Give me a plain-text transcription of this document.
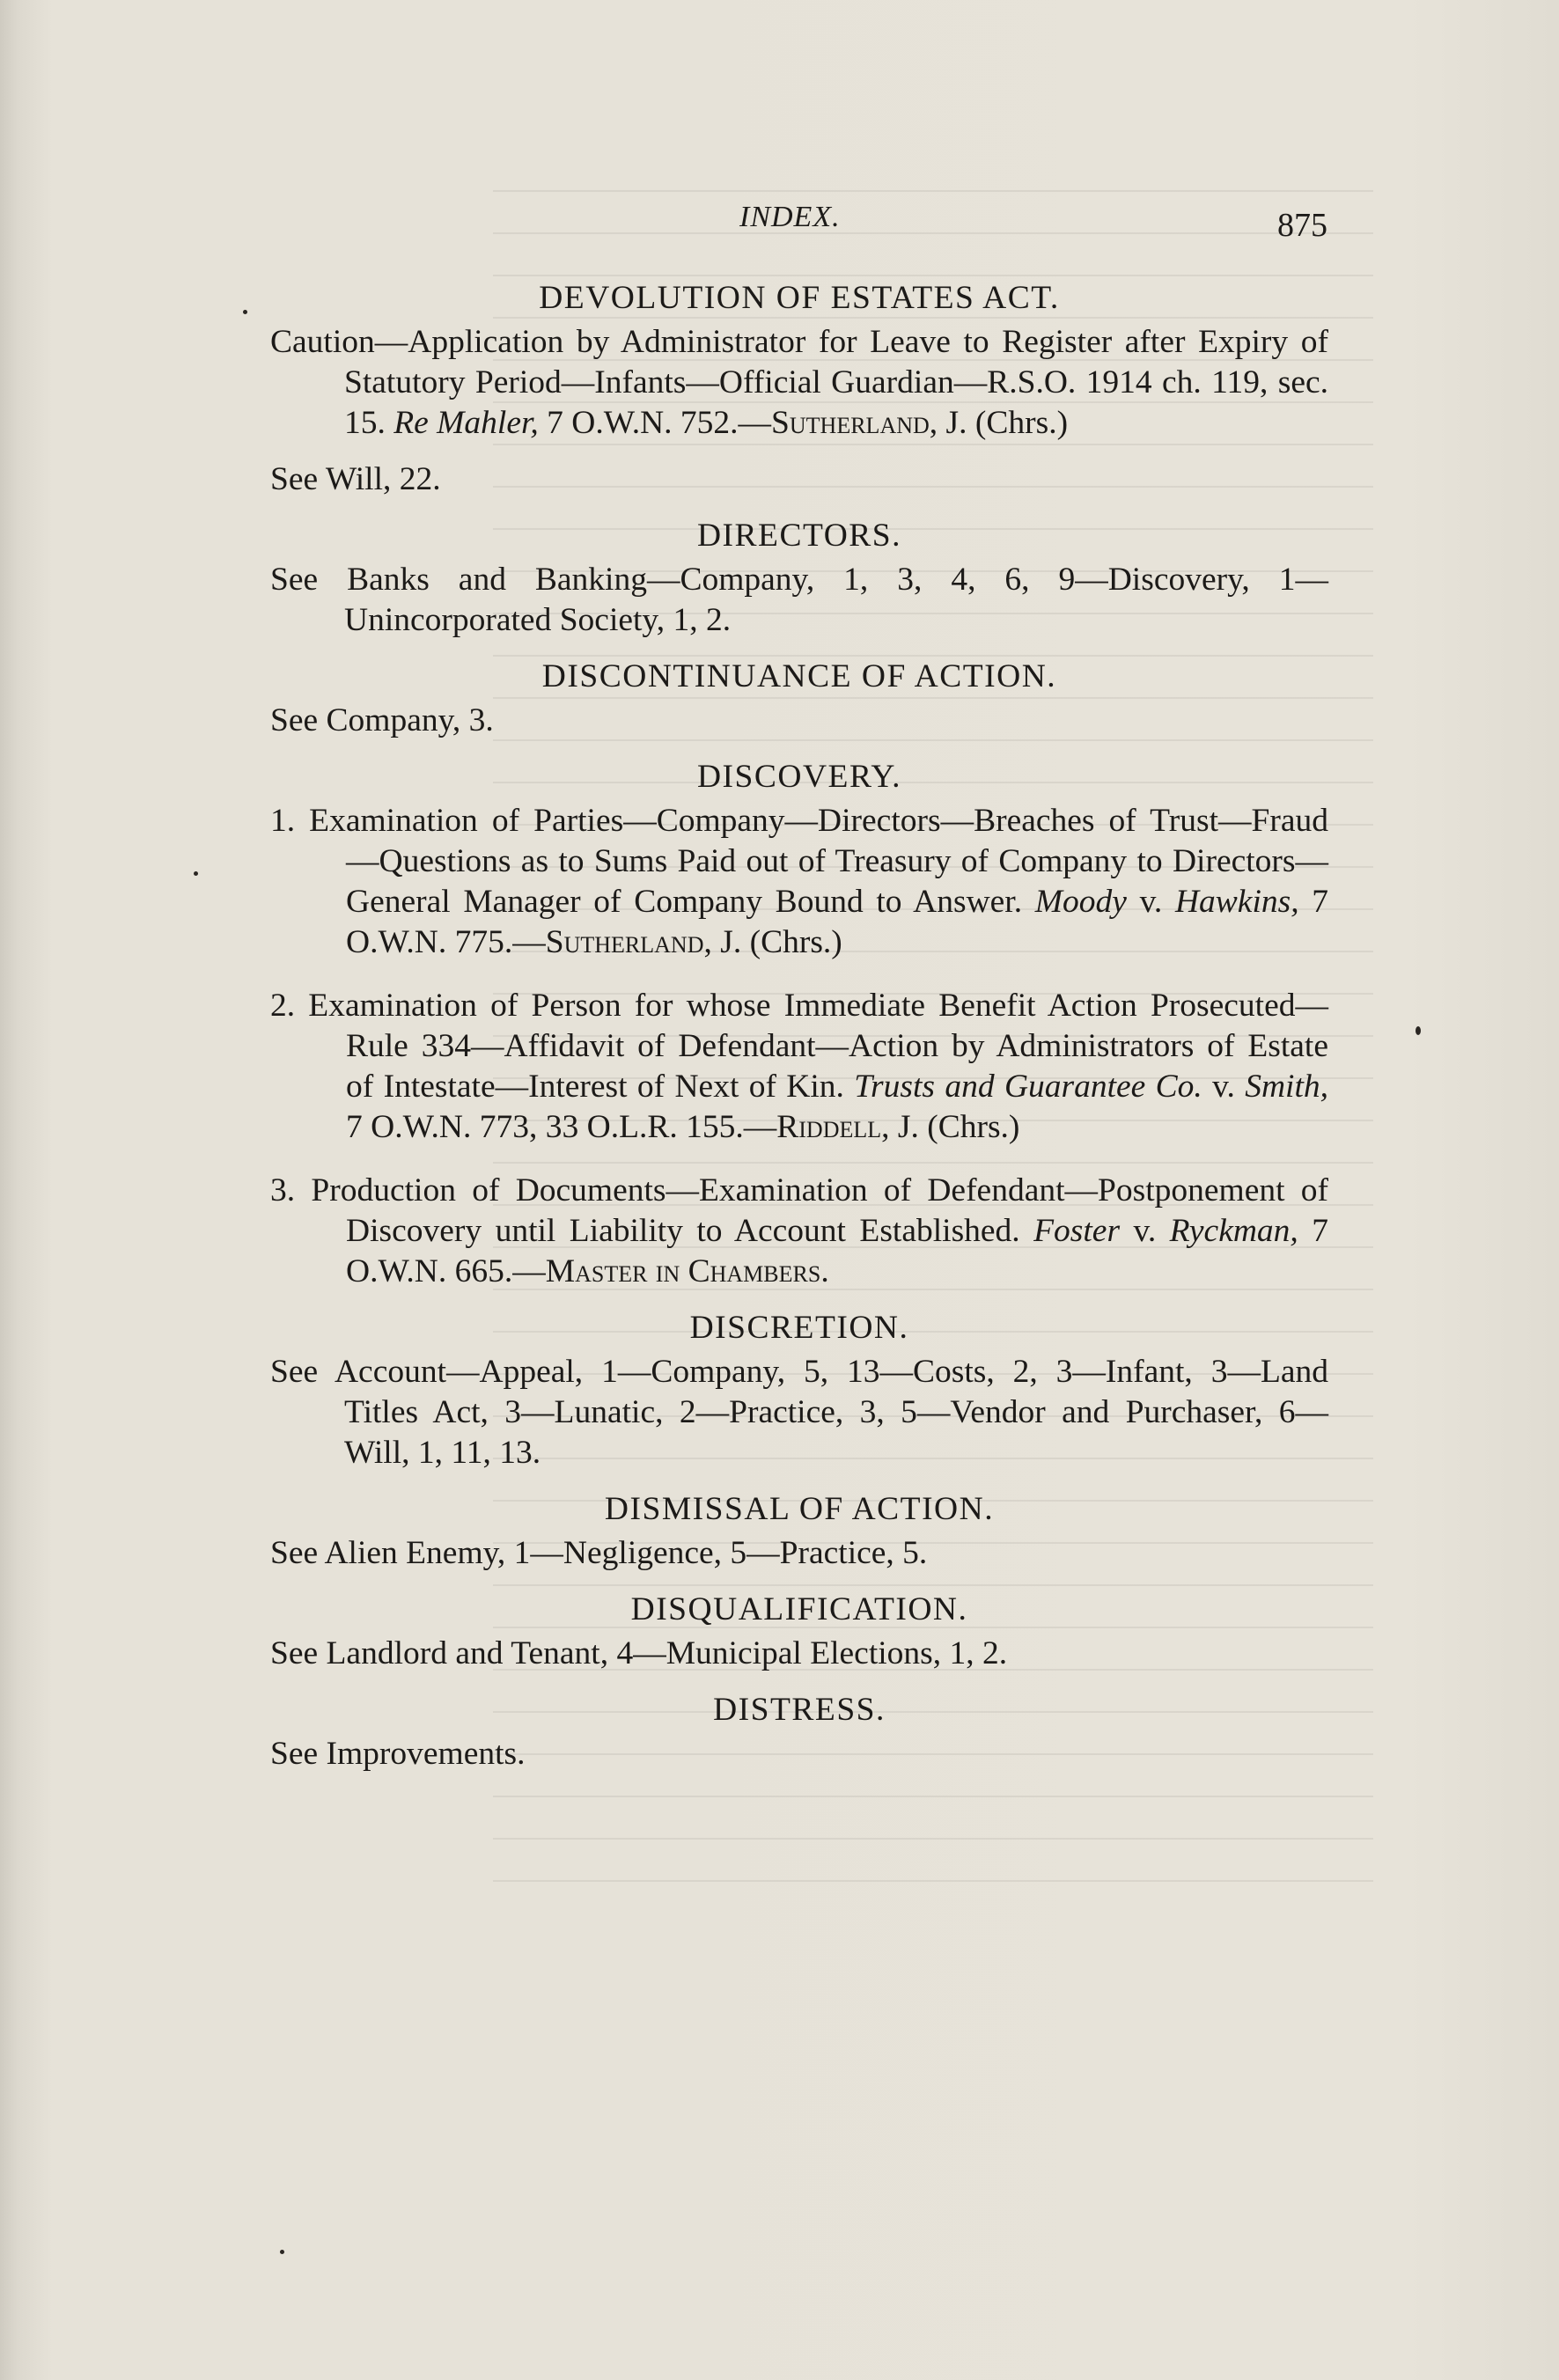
INDEX.	875
DEVOLUTION OF ESTATES ACT.

Caution—Application by Administrator for Leave to Register after Expiry of Statutory Period—Infants—Official Guardian—R.S.O. 1914 ch. 119, sec. 15. Re Mahler, 7 O.W.N. 752.—Sutherland, J. (Chrs.)

See Will, 22.

DIRECTORS.

See Banks and Banking—Company, 1, 3, 4, 6, 9—Discovery, 1—Unincorporated Society, 1, 2.

DISCONTINUANCE OF ACTION.

See Company, 3.

DISCOVERY.

1. Examination of Parties—Company—Directors—Breaches of Trust—Fraud—Questions as to Sums Paid out of Treasury of Company to Directors—General Manager of Company Bound to Answer. Moody v. Hawkins, 7 O.W.N. 775.—Sutherland, J. (Chrs.)

2. Examination of Person for whose Immediate Benefit Action Prosecuted—Rule 334—Affidavit of Defendant—Action by Administrators of Estate of Intestate—Interest of Next of Kin. Trusts and Guarantee Co. v. Smith, 7 O.W.N. 773, 33 O.L.R. 155.—Riddell, J. (Chrs.)

3. Production of Documents—Examination of Defendant—Postponement of Discovery until Liability to Account Established. Foster v. Ryckman, 7 O.W.N. 665.—Master in Chambers.

DISCRETION.

See Account—Appeal, 1—Company, 5, 13—Costs, 2, 3—Infant, 3—Land Titles Act, 3—Lunatic, 2—Practice, 3, 5—Vendor and Purchaser, 6—Will, 1, 11, 13.

DISMISSAL OF ACTION.

See Alien Enemy, 1—Negligence, 5—Practice, 5.

DISQUALIFICATION.

See Landlord and Tenant, 4—Municipal Elections, 1, 2.

DISTRESS.

See Improvements.
